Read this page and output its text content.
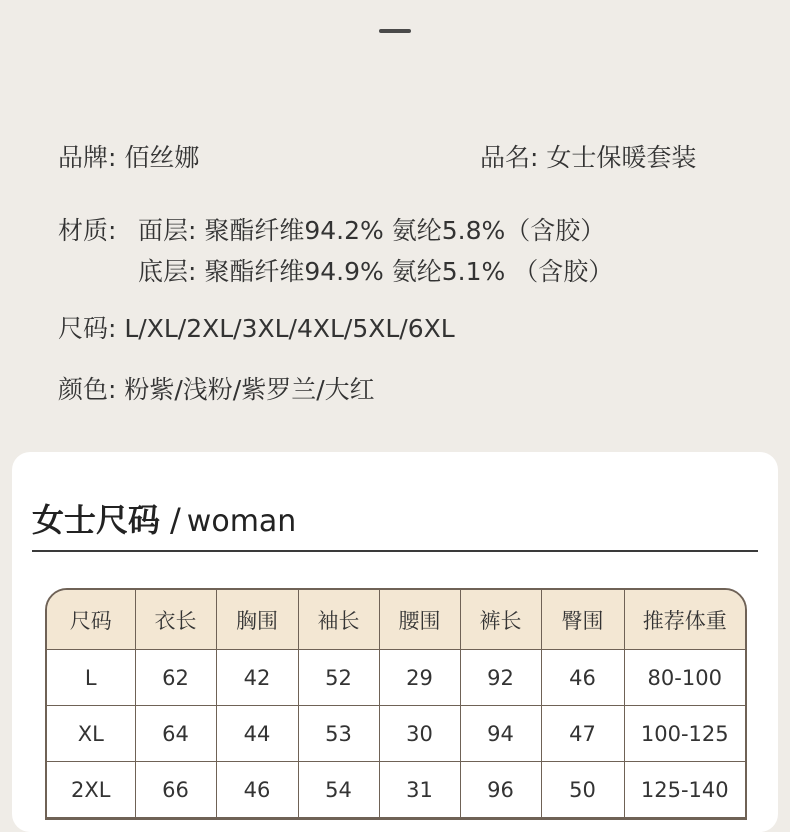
品牌: 佰丝娜	品名: 女士保暖套装
材质: 面层: 聚酯纤维94.2% 氨纶5.8%（含胶）
底层: 聚酯纤维94.9% 氨纶5.1% （含胶）
尺码: L/XL/2XL/3XL/4XL/5XL/6XL
颜色: 粉紫/浅粉/紫罗兰/大红
女士尺码 / woman
尺码	衣长	胸围	袖长	腰围	裤长	臀围	推荐体重
L	62	42	52	29	92	46	80-100
XL	64	44	53	30	94	47	100-125
2XL	66	46	54	31	96	50	125-140
